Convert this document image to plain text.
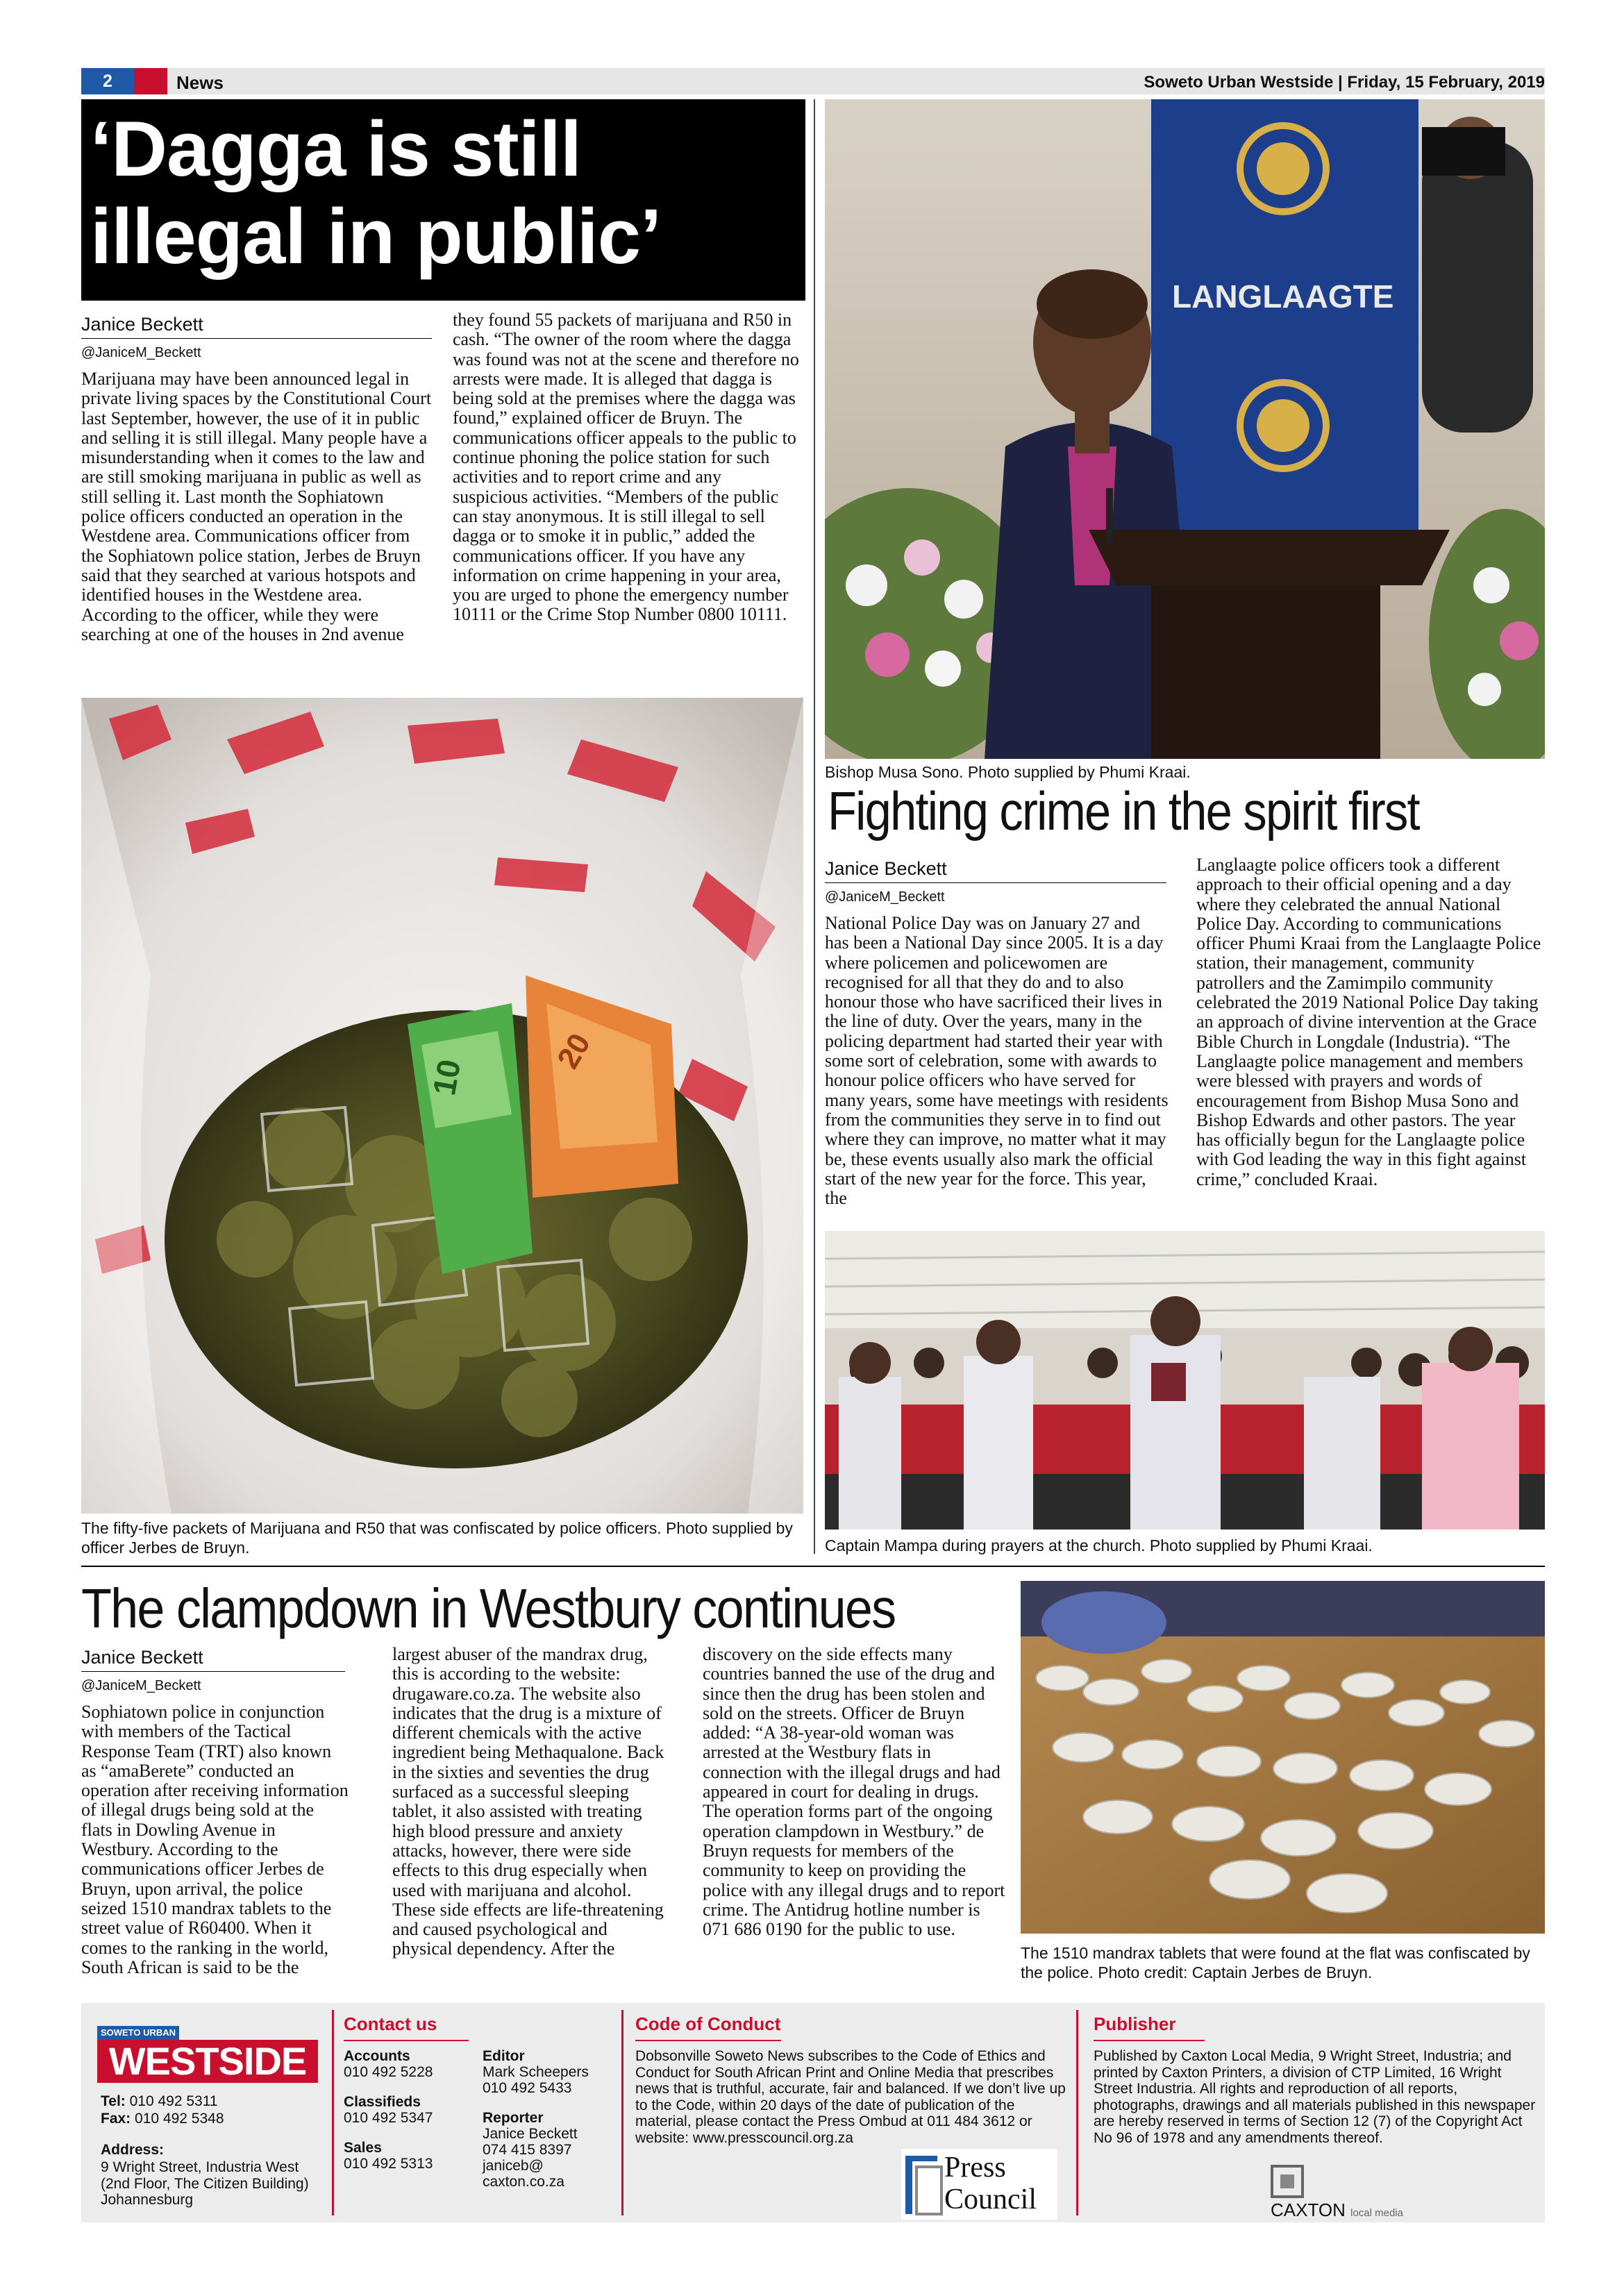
2	News	Soweto Urban Westside | Friday, 15 February, 2019
‘Dagga is still
illegal in public’
Janice Beckett
@JaniceM_Beckett
Marijuana may have been announced legal in private living spaces by the Constitutional Court last September, however, the use of it in public and selling it is still illegal. Many people have a misunderstanding when it comes to the law and are still smoking marijuana in public as well as still selling it. Last month the Sophiatown police officers conducted an operation in the Westdene area. Communications officer from the Sophiatown police station, Jerbes de Bruyn said that they searched at various hotspots and identified houses in the Westdene area. According to the officer, while they were searching at one of the houses in 2nd avenue
they found 55 packets of marijuana and R50 in cash. “The owner of the room where the dagga was found was not at the scene and therefore no arrests were made. It is alleged that dagga is being sold at the premises where the dagga was found,” explained officer de Bruyn. The communications officer appeals to the public to continue phoning the police station for such activities and to report crime and any suspicious activities. “Members of the public can stay anonymous. It is still illegal to sell dagga or to smoke it in public,” added the communications officer. If you have any information on crime happening in your area, you are urged to phone the emergency number 10111 or the Crime Stop Number 0800 10111.
10
20
The fifty-five packets of Marijuana and R50 that was confiscated by police officers. Photo supplied by officer Jerbes de Bruyn.
LANGLAAGTE
Bishop Musa Sono. Photo supplied by Phumi Kraai.
Fighting crime in the spirit first
Janice Beckett
@JaniceM_Beckett
National Police Day was on January 27 and has been a National Day since 2005. It is a day where policemen and policewomen are recognised for all that they do and to also honour those who have sacrificed their lives in the line of duty. Over the years, many in the policing department had started their year with some sort of celebration, some with awards to honour police officers who have served for many years, some have meetings with residents from the communities they serve in to find out where they can improve, no matter what it may be, these events usually also mark the official start of the new year for the force. This year, the
Langlaagte police officers took a different approach to their official opening and a day where they celebrated the annual National Police Day. According to communications officer Phumi Kraai from the Langlaagte Police station, their management, community patrollers and the Zamimpilo community celebrated the 2019 National Police Day taking an approach of divine intervention at the Grace Bible Church in Longdale (Industria). “The Langlaagte police management and members were blessed with prayers and words of encouragement from Bishop Musa Sono and Bishop Edwards and other pastors. The year has officially begun for the Langlaagte police with God leading the way in this fight against crime,” concluded Kraai.
Captain Mampa during prayers at the church. Photo supplied by Phumi Kraai.
The clampdown in Westbury continues
Janice Beckett
@JaniceM_Beckett
Sophiatown police in conjunction with members of the Tactical Response Team (TRT) also known as “amaBerete” conducted an operation after receiving information of illegal drugs being sold at the flats in Dowling Avenue in Westbury. According to the communications officer Jerbes de Bruyn, upon arrival, the police seized 1510 mandrax tablets to the street value of R60400. When it comes to the ranking in the world, South African is said to be the
largest abuser of the mandrax drug, this is according to the website: drugaware.co.za. The website also indicates that the drug is a mixture of different chemicals with the active ingredient being Methaqualone. Back in the sixties and seventies the drug surfaced as a successful sleeping tablet, it also assisted with treating high blood pressure and anxiety attacks, however, there were side effects to this drug especially when used with marijuana and alcohol. These side effects are life-threatening and caused psychological and physical dependency. After the
discovery on the side effects many countries banned the use of the drug and since then the drug has been stolen and sold on the streets. Officer de Bruyn added: “A 38-year-old woman was arrested at the Westbury flats in connection with the illegal drugs and had appeared in court for dealing in drugs. The operation forms part of the ongoing operation clampdown in Westbury.” de Bruyn requests for members of the community to keep on providing the police with any illegal drugs and to report crime. The Antidrug hotline number is 071 686 0190 for the public to use.
The 1510 mandrax tablets that were found at the flat was confiscated by the police. Photo credit: Captain Jerbes de Bruyn.
SOWETO URBAN
WESTSIDE
Tel: 010 492 5311
Fax: 010 492 5348
Address:
9 Wright Street, Industria West (2nd Floor, The Citizen Building) Johannesburg
Contact us
Accounts
010 492 5228
Classifieds
010 492 5347
Sales
010 492 5313
Editor
Mark Scheepers
010 492 5433
Reporter
Janice Beckett
074 415 8397
janiceb@
caxton.co.za
Code of Conduct
Dobsonville Soweto News subscribes to the Code of Ethics and Conduct for South African Print and Online Media that prescribes news that is truthful, accurate, fair and balanced. If we don’t live up to the Code, within 20 days of the date of publication of the material, please contact the Press Ombud at 011 484 3612 or website: www.presscouncil.org.za
Press
Council
Publisher
Published by Caxton Local Media, 9 Wright Street, Industria; and printed by Caxton Printers, a division of CTP Limited, 16 Wright Street Industria. All rights and reproduction of all reports, photographs, drawings and all materials published in this newspaper are hereby reserved in terms of Section 12 (7) of the Copyright Act No 96 of 1978 and any amendments thereof.
CAXTON local media
